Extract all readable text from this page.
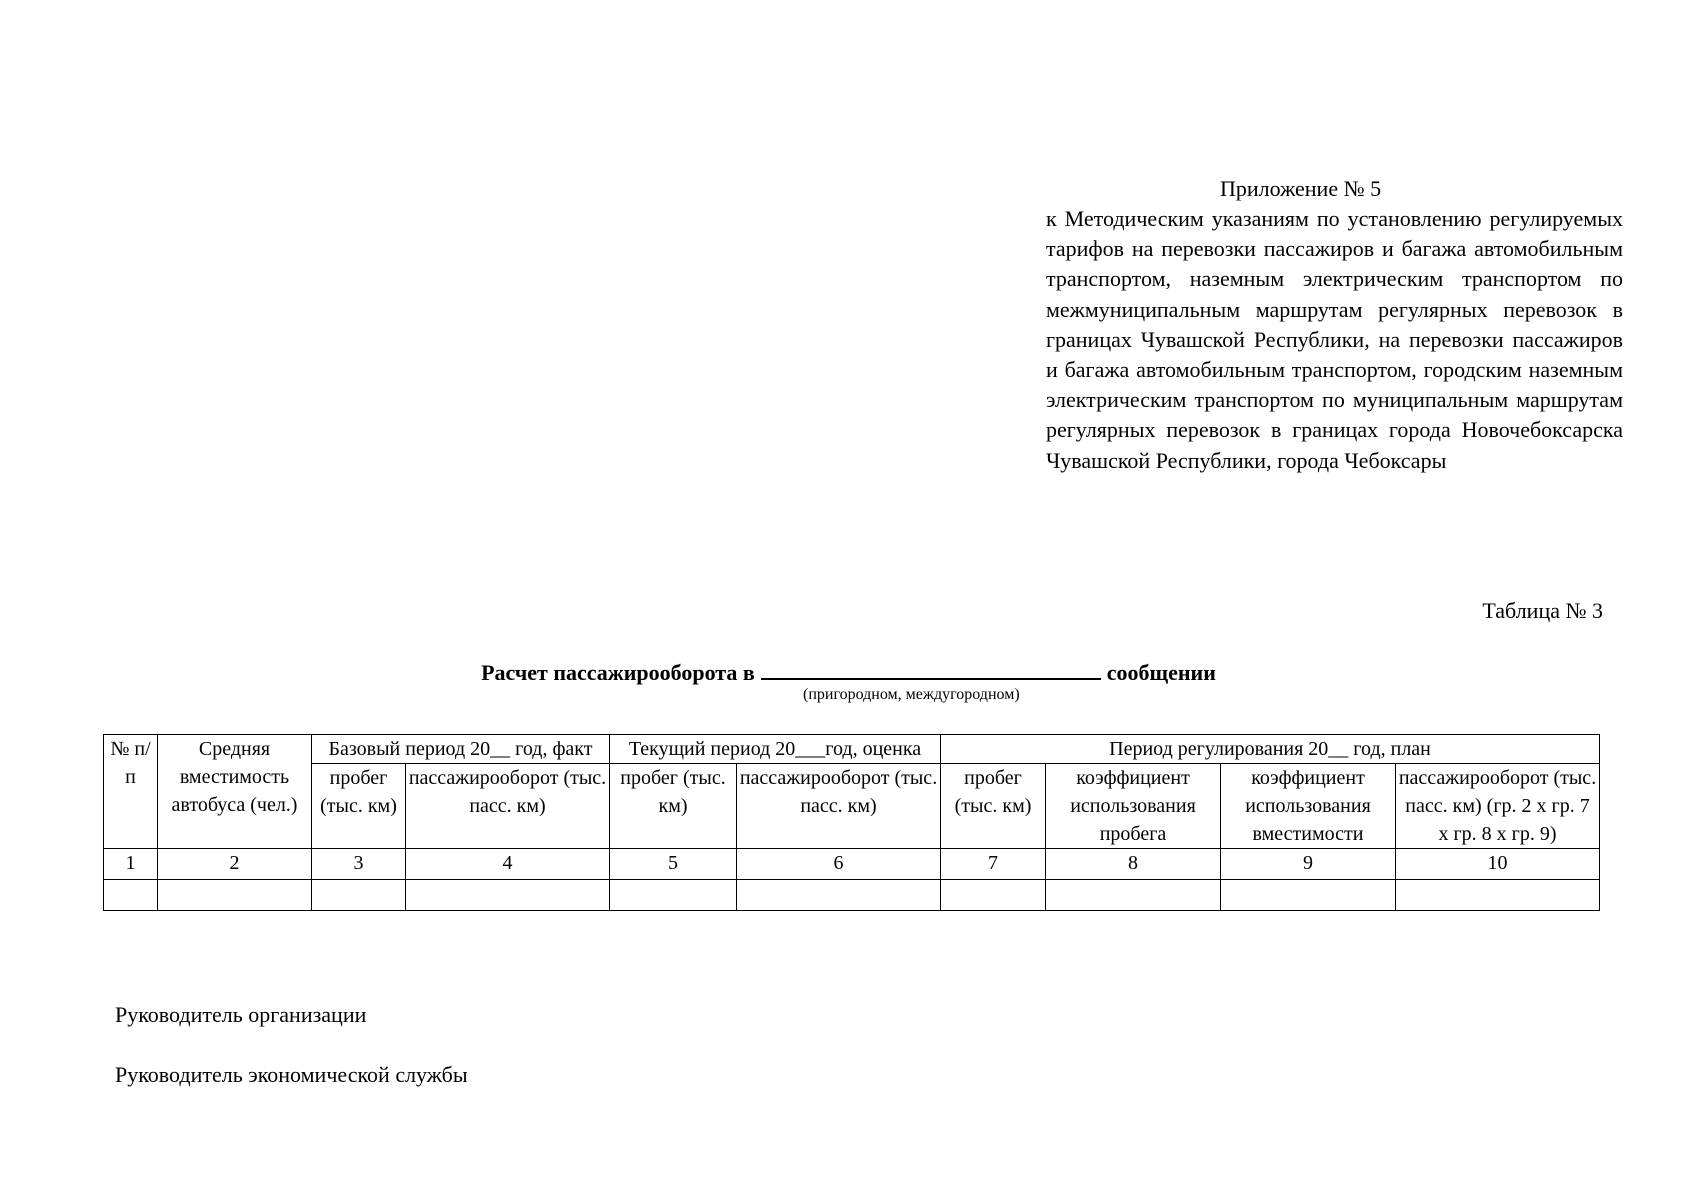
Приложение № 5

к Методическим указаниям по установлению регулируемых тарифов на перевозки пассажиров и багажа автомобильным транспортом, наземным электрическим транспортом по межмуниципальным маршрутам регулярных перевозок в границах Чувашской Республики, на перевозки пассажиров и багажа автомобильным транспортом, городским наземным электрическим транспортом по муниципальным маршрутам регулярных перевозок в границах города Новочебоксарска Чувашской Республики, города Чебоксары

Таблица № 3

Расчет пассажирооборота в	сообщении

(пригородном, междугородном)

№ п/п	Средняя вместимость автобуса (чел.)	Базовый период 20__ год, факт		Текущий период 20___год, оценка		Период регулирования 20__ год, план			
		пробег (тыс. км)	пассажирооборот (тыс. пасс. км)	пробег (тыс. км)	пассажирооборот (тыс. пасс. км)	пробег (тыс. км)	коэффициент использования пробега	коэффициент использования вместимости	пассажирооборот (тыс. пасс. км) (гр. 2 х гр. 7 х гр. 8 х гр. 9)
1	2	3	4	5	6	7	8	9	10

Руководитель организации

Руководитель экономической службы
